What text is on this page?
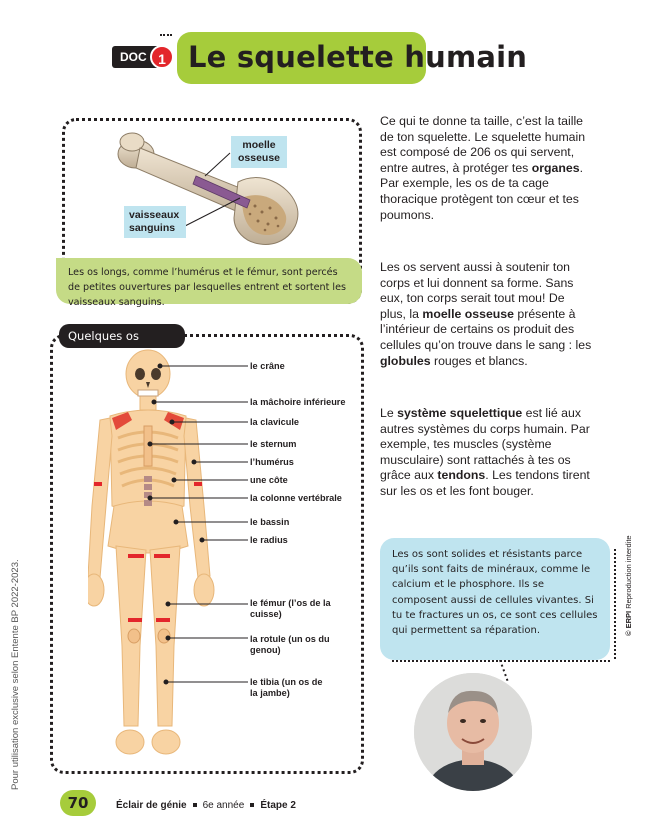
DOC 1 Le squelette humain
moelle osseuse
vaisseaux sanguins
Les os longs, comme l’humérus et le fémur, sont percés de petites ouvertures par lesquelles entrent et sortent les vaisseaux sanguins.
Quelques os humains	le crâne
la mâchoire inférieure
la clavicule
le sternum
l’humérus
une côte
la colonne vertébrale
le bassin
le radius
le fémur (l’os de la cuisse)
la rotule (un os du genou)
le tibia (un os de la jambe)
Ce qui te donne ta taille, c’est la taille de ton squelette. Le squelette humain est composé de 206 os qui servent, entre autres, à protéger tes organes. Par exemple, les os de ta cage thoracique protègent ton cœur et tes poumons.
Les os servent aussi à soutenir ton corps et lui donnent sa forme. Sans eux, ton corps serait tout mou! De plus, la moelle osseuse présente à l’intérieur de certains os produit des cellules qu’on trouve dans le sang : les globules rouges et blancs.
Le système squelettique est lié aux autres systèmes du corps humain. Par exemple, tes muscles (système musculaire) sont rattachés à tes os grâce aux tendons. Les tendons tirent sur les os et les font bouger.
Les os sont solides et résistants parce qu’ils sont faits de minéraux, comme le calcium et le phosphore. Ils se composent aussi de cellules vivantes. Si tu te fractures un os, ce sont ces cellules qui permettent sa réparation.
Pour utilisation exclusive selon Entente BP 2022-2023.	© ERPI Reproduction interdite
70	Éclair de génie 6e année Étape 2
